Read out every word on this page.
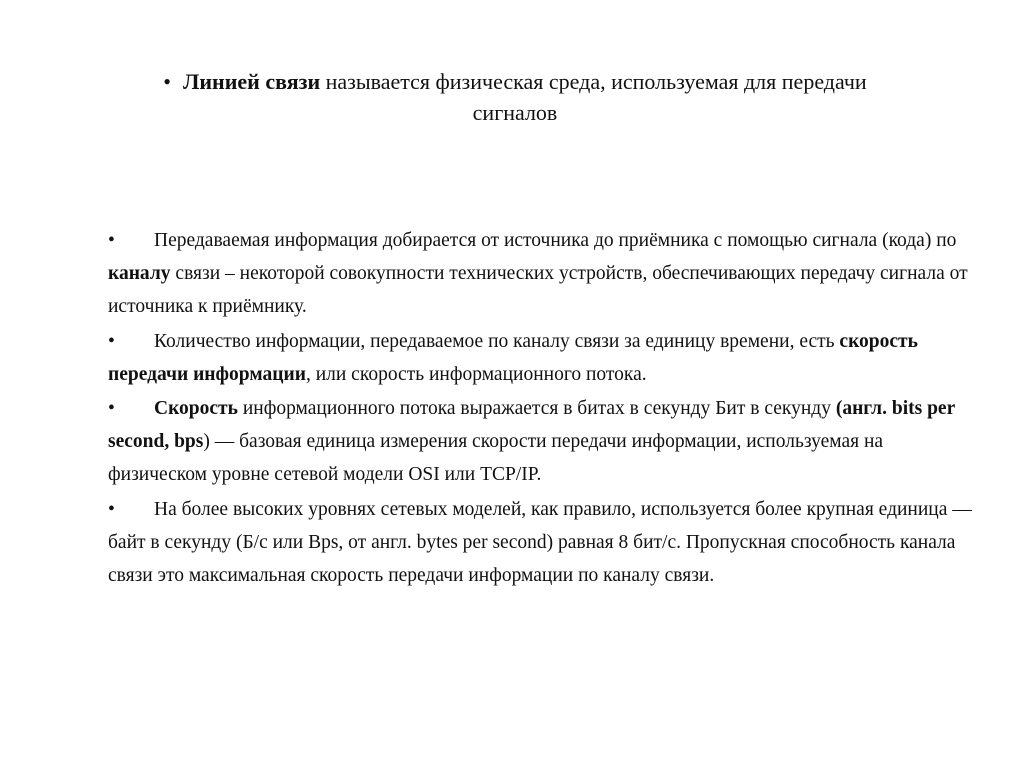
• Линией связи называется физическая среда, используемая для передачи
сигналов
• Передаваемая информация добирается от источника до приёмника с помощью сигнала (кода) по каналу связи – некоторой совокупности технических устройств, обеспечивающих передачу сигнала от источника к приёмнику.
• Количество информации, передаваемое по каналу связи за единицу времени, есть скорость передачи информации, или скорость информационного потока.
• Скорость информационного потока выражается в битах в секунду Бит в секунду (англ. bits per second, bps) — базовая единица измерения скорости передачи информации, используемая на физическом уровне сетевой модели OSI или TCP/IP.
• На более высоких уровнях сетевых моделей, как правило, используется более крупная единица — байт в секунду (Б/с или Bps, от англ. bytes per second) равная 8 бит/с. Пропускная способность канала связи это максимальная скорость передачи информации по каналу связи.
